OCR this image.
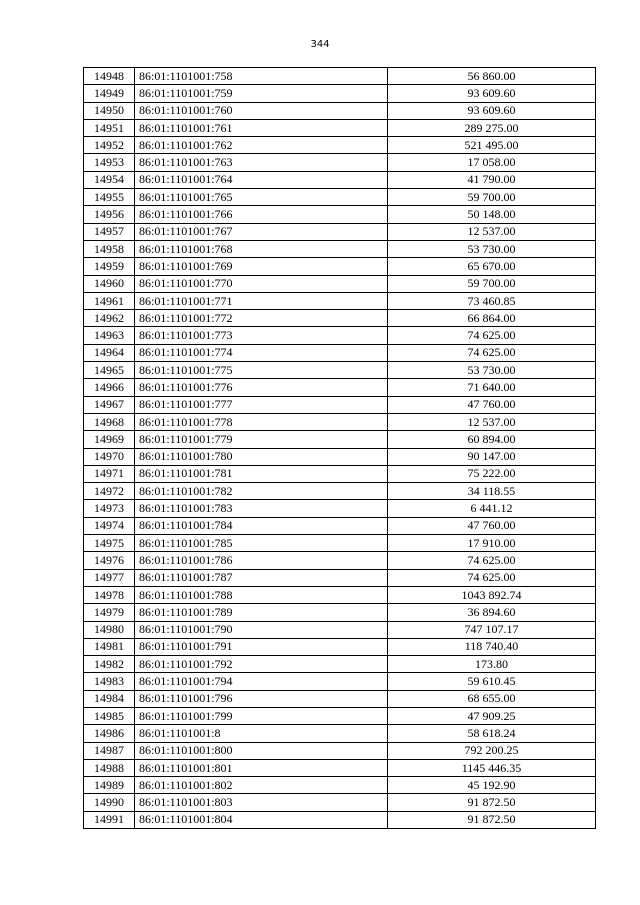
344
14948	86:01:1101001:758	56 860.00
14949	86:01:1101001:759	93 609.60
14950	86:01:1101001:760	93 609.60
14951	86:01:1101001:761	289 275.00
14952	86:01:1101001:762	521 495.00
14953	86:01:1101001:763	17 058.00
14954	86:01:1101001:764	41 790.00
14955	86:01:1101001:765	59 700.00
14956	86:01:1101001:766	50 148.00
14957	86:01:1101001:767	12 537.00
14958	86:01:1101001:768	53 730.00
14959	86:01:1101001:769	65 670.00
14960	86:01:1101001:770	59 700.00
14961	86:01:1101001:771	73 460.85
14962	86:01:1101001:772	66 864.00
14963	86:01:1101001:773	74 625.00
14964	86:01:1101001:774	74 625.00
14965	86:01:1101001:775	53 730.00
14966	86:01:1101001:776	71 640.00
14967	86:01:1101001:777	47 760.00
14968	86:01:1101001:778	12 537.00
14969	86:01:1101001:779	60 894.00
14970	86:01:1101001:780	90 147.00
14971	86:01:1101001:781	75 222.00
14972	86:01:1101001:782	34 118.55
14973	86:01:1101001:783	6 441.12
14974	86:01:1101001:784	47 760.00
14975	86:01:1101001:785	17 910.00
14976	86:01:1101001:786	74 625.00
14977	86:01:1101001:787	74 625.00
14978	86:01:1101001:788	1043 892.74
14979	86:01:1101001:789	36 894.60
14980	86:01:1101001:790	747 107.17
14981	86:01:1101001:791	118 740.40
14982	86:01:1101001:792	173.80
14983	86:01:1101001:794	59 610.45
14984	86:01:1101001:796	68 655.00
14985	86:01:1101001:799	47 909.25
14986	86:01:1101001:8	58 618.24
14987	86:01:1101001:800	792 200.25
14988	86:01:1101001:801	1145 446.35
14989	86:01:1101001:802	45 192.90
14990	86:01:1101001:803	91 872.50
14991	86:01:1101001:804	91 872.50
